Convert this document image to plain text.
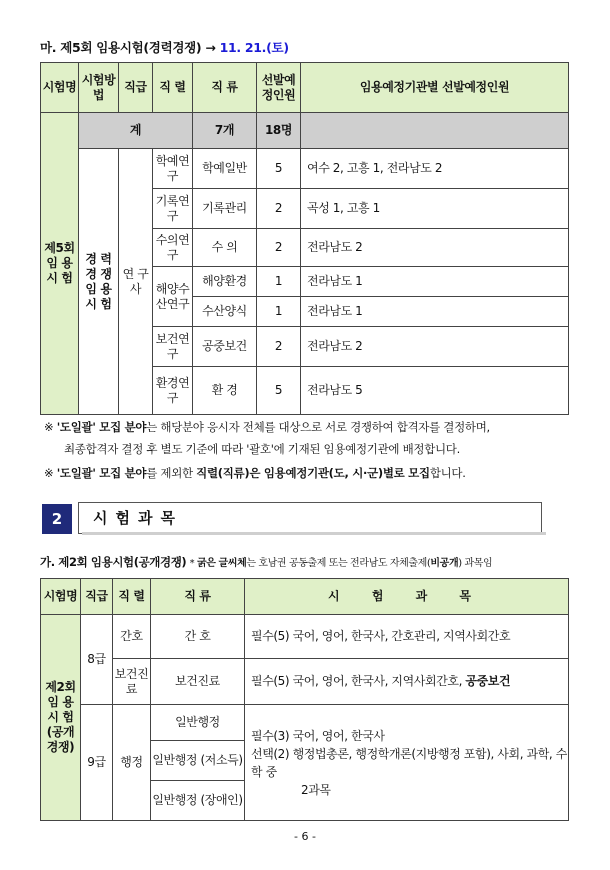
마. 제5회 임용시험(경력경쟁) → 11. 21.(토)
시험명	시험방법	직급	직 렬	직 류	선발예정인원	임용예정기관별 선발예정인원
제5회 임 용 시 험	계			7개	18명	
	경 력 경 쟁 임 용 시 험	연 구 사	학예연구	학예일반	5	여수 2, 고흥 1, 전라남도 2
			기록연구	기록관리	2	곡성 1, 고흥 1
			수의연구	수 의	2	전라남도 2
			해양수산연구	해양환경	1	전라남도 1
				수산양식	1	전라남도 1
			보건연구	공중보건	2	전라남도 2
			환경연구	환 경	5	전라남도 5
※ '도일괄' 모집 분야는 해당분야 응시자 전체를 대상으로 서로 경쟁하여 합격자를 결정하며,
최종합격자 결정 후 별도 기준에 따라 '괄호'에 기재된 임용예정기관에 배정합니다.
※ '도일괄' 모집 분야를 제외한 직렬(직류)은 임용예정기관(도, 시·군)별로 모집합니다.
2	시험과목
가. 제2회 임용시험(공개경쟁) * 굵은 글씨체는 호남권 공동출제 또는 전라남도 자체출제(비공개) 과목임
시험명	직급	직 렬	직 류	시 험 과 목
제2회 임 용 시 험 (공개 경쟁)	8급	간호	간 호	필수(5) 국어, 영어, 한국사, 간호관리, 지역사회간호
		보건진료	보건진료	필수(5) 국어, 영어, 한국사, 지역사회간호, 공중보건
	9급	행정	일반행정	필수(3) 국어, 영어, 한국사
선택(2) 행정법총론, 행정학개론(지방행정 포함), 사회, 과학, 수학 중
2과목

			일반행정 (저소득)	
			일반행정 (장애인)	
- 6 -
